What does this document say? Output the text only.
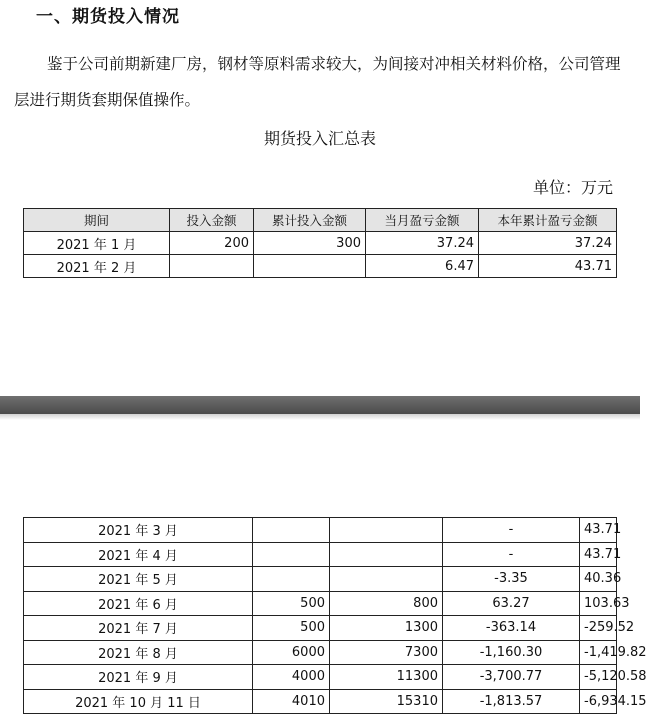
一、期货投入情况
鉴于公司前期新建厂房，钢材等原料需求较大，为间接对冲相关材料价格，公司管理层进行期货套期保值操作。
期货投入汇总表
单位：万元
期间	投入金额	累计投入金额	当月盈亏金额	本年累计盈亏金额
2021 年 1 月	200	300	37.24	37.24
2021 年 2 月			6.47	43.71
2021 年 3 月			-	43.71
2021 年 4 月			-	43.71
2021 年 5 月			-3.35	40.36
2021 年 6 月	500	800	63.27	103.63
2021 年 7 月	500	1300	-363.14	-259.52
2021 年 8 月	6000	7300	-1,160.30	-1,419.82
2021 年 9 月	4000	11300	-3,700.77	-5,120.58
2021 年 10 月 11 日	4010	15310	-1,813.57	-6,934.15
